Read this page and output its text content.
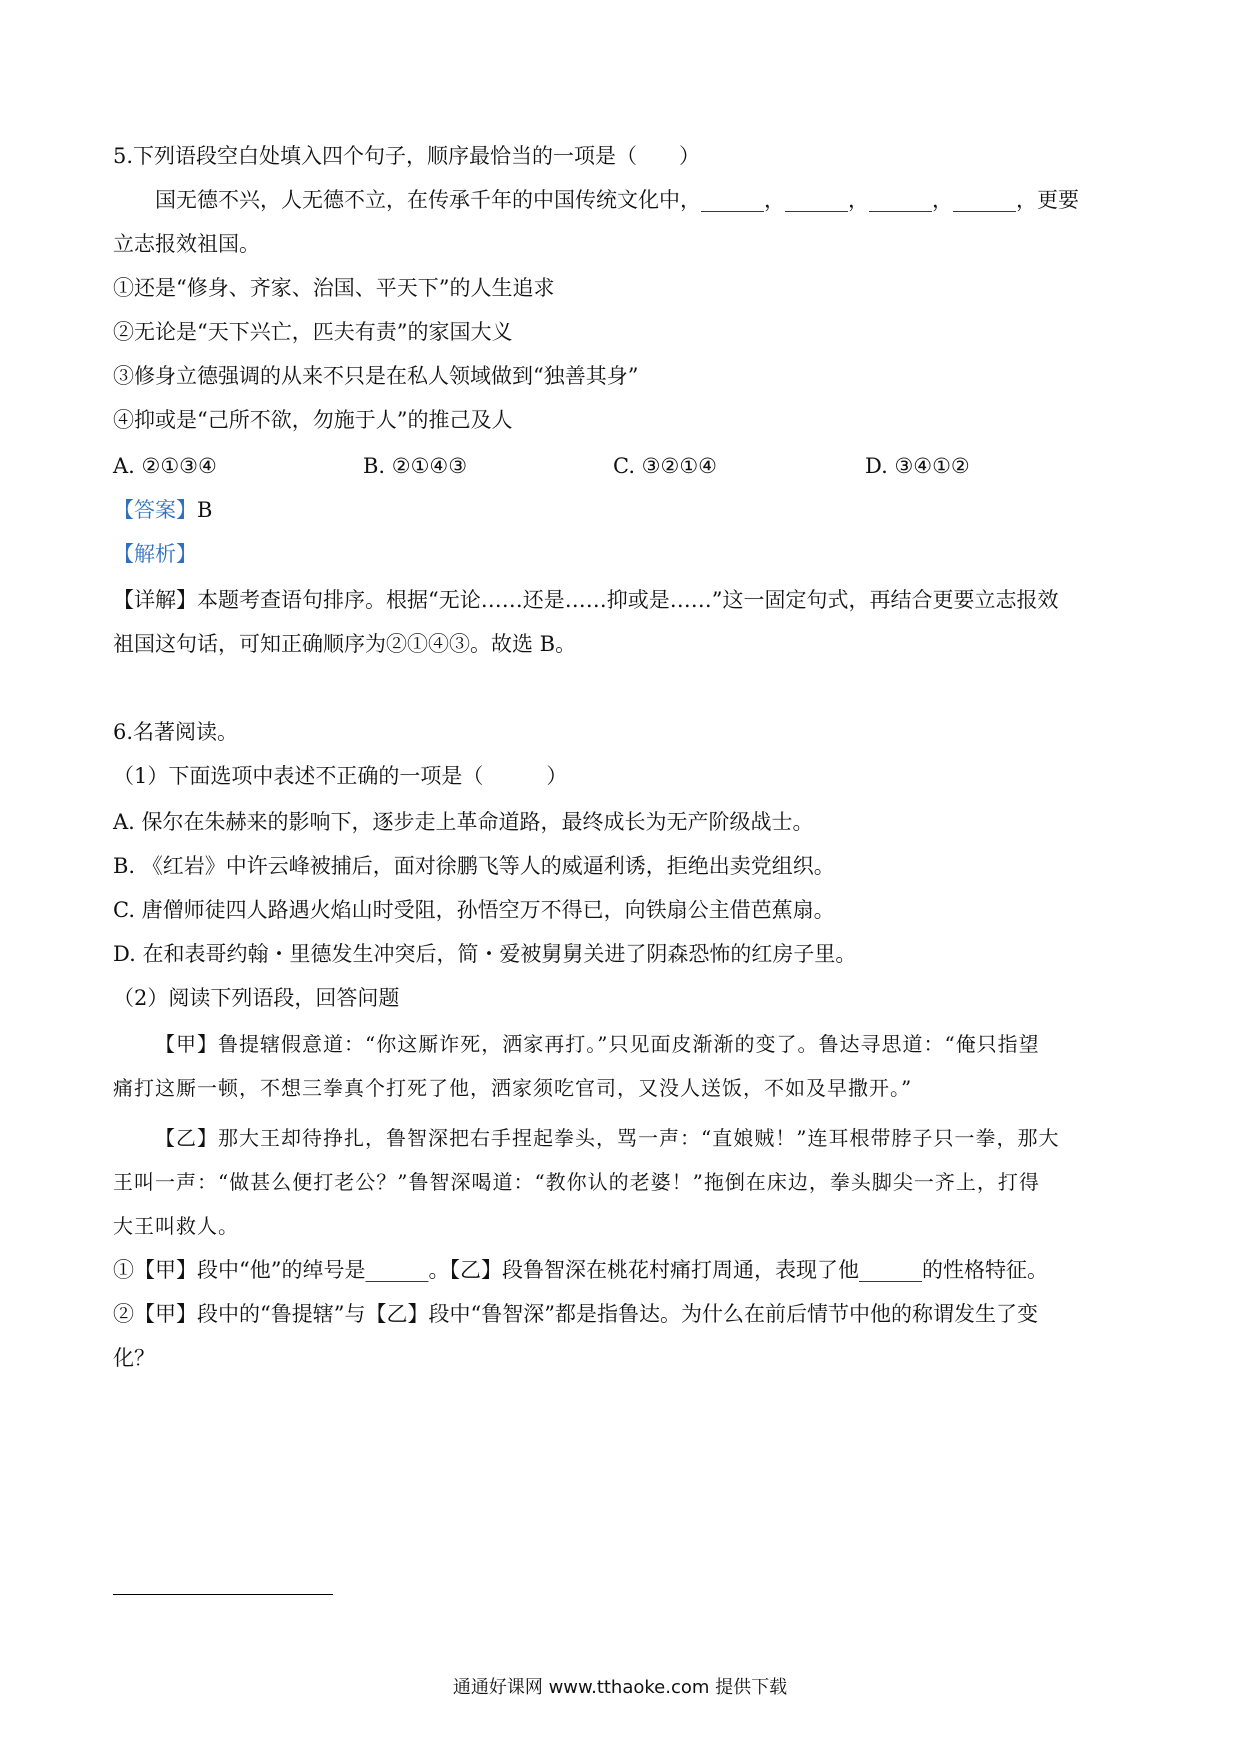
5.下列语段空白处填入四个句子，顺序最恰当的一项是（　　）
国无德不兴，人无德不立，在传承千年的中国传统文化中，______，______，______，______，更要
立志报效祖国。
①还是“修身、齐家、治国、平天下”的人生追求
②无论是“天下兴亡，匹夫有责”的家国大义
③修身立德强调的从来不只是在私人领域做到“独善其身”
④抑或是“己所不欲，勿施于人”的推己及人
A. ②①③④	B. ②①④③	C. ③②①④	D. ③④①②
【答案】B
【解析】
【详解】本题考查语句排序。根据“无论……还是……抑或是……”这一固定句式，再结合更要立志报效
祖国这句话，可知正确顺序为②①④③。故选 B。
6.名著阅读。
（1）下面选项中表述不正确的一项是（　　　）
A. 保尔在朱赫来的影响下，逐步走上革命道路，最终成长为无产阶级战士。
B. 《红岩》中许云峰被捕后，面对徐鹏飞等人的威逼利诱，拒绝出卖党组织。
C. 唐僧师徒四人路遇火焰山时受阻，孙悟空万不得已，向铁扇公主借芭蕉扇。
D. 在和表哥约翰・里德发生冲突后，简・爱被舅舅关进了阴森恐怖的红房子里。
（2）阅读下列语段，回答问题
【甲】鲁提辖假意道：“你这厮诈死，洒家再打。”只见面皮渐渐的变了。鲁达寻思道：“俺只指望
痛打这厮一顿，不想三拳真个打死了他，洒家须吃官司，又没人送饭，不如及早撒开。”
【乙】那大王却待挣扎，鲁智深把右手捏起拳头，骂一声：“直娘贼！”连耳根带脖子只一拳，那大
王叫一声：“做甚么便打老公？”鲁智深喝道：“教你认的老婆！”拖倒在床边，拳头脚尖一齐上，打得
大王叫救人。
①【甲】段中“他”的绰号是______。【乙】段鲁智深在桃花村痛打周通，表现了他______的性格特征。
②【甲】段中的“鲁提辖”与【乙】段中“鲁智深”都是指鲁达。为什么在前后情节中他的称谓发生了变
化？
通通好课网 www.tthaoke.com 提供下载
